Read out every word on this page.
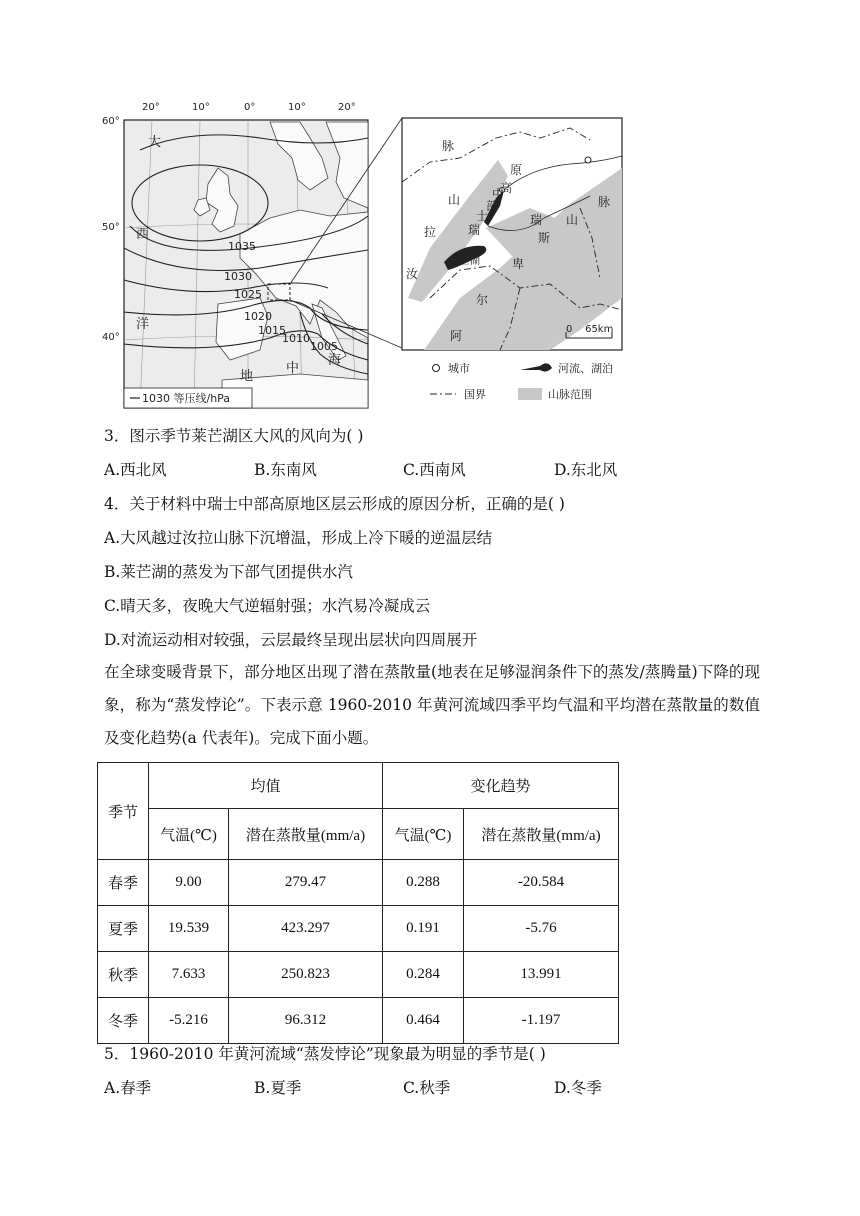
20°	10°	0°	10°	20°
60°
50°
40°
大
西
洋
地
中
海
1035
1030
1025
1020
1015
1010
1005
1030 等压线/hPa
脉
山
拉
汝
原
高
部
中
士
瑞
瑞
斯
莱芒湖
阿
尔
卑
山
脉
0    65km
城市	河流、湖泊
国界	山脉范围
3．图示季节莱芒湖区大风的风向为( )
A.西北风	B.东南风	C.西南风	D.东北风
4．关于材料中瑞士中部高原地区层云形成的原因分析，正确的是( )
A.大风越过汝拉山脉下沉增温，形成上冷下暖的逆温层结
B.莱芒湖的蒸发为下部气团提供水汽
C.晴天多，夜晚大气逆辐射强；水汽易冷凝成云
D.对流运动相对较强，云层最终呈现出层状向四周展开
在全球变暖背景下，部分地区出现了潜在蒸散量(地表在足够湿润条件下的蒸发/蒸腾量)下降的现象，称为“蒸发悖论”。下表示意 1960-2010 年黄河流域四季平均气温和平均潜在蒸散量的数值及变化趋势(a 代表年)。完成下面小题。
季节	均值		变化趋势	
	气温(℃)	潜在蒸散量(mm/a)	气温(℃)	潜在蒸散量(mm/a)
春季	9.00	279.47	0.288	-20.584
夏季	19.539	423.297	0.191	-5.76
秋季	7.633	250.823	0.284	13.991
冬季	-5.216	96.312	0.464	-1.197
5．1960-2010 年黄河流域“蒸发悖论”现象最为明显的季节是( )
A.春季	B.夏季	C.秋季	D.冬季
